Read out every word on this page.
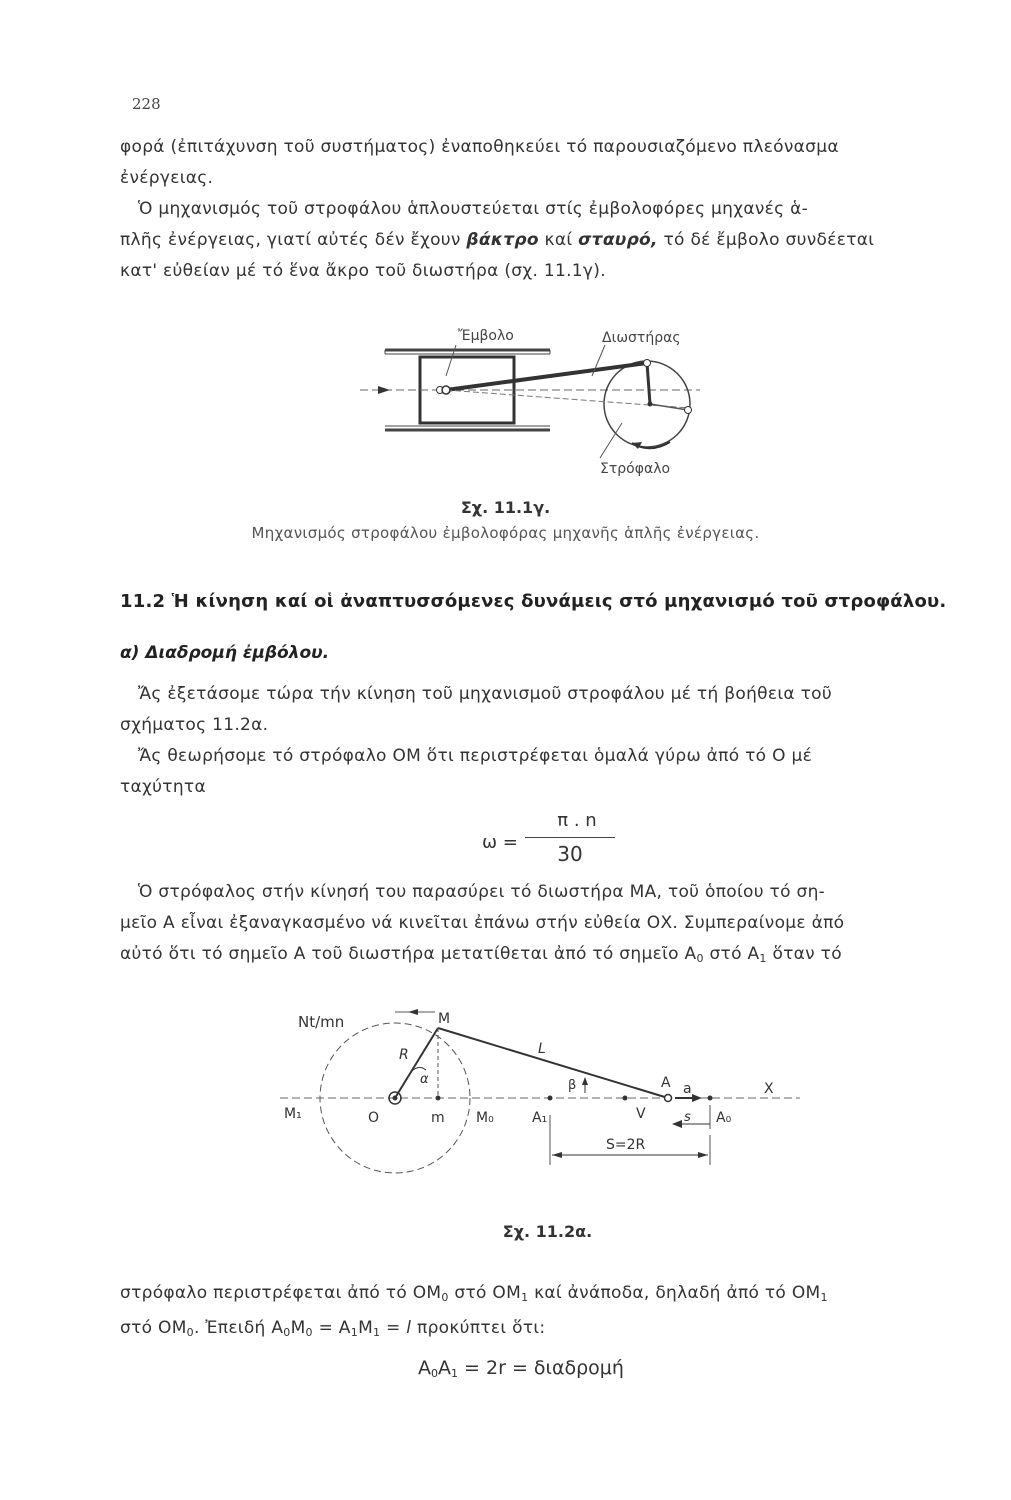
228

φορά (ἐπιτάχυνση τοῦ συστήματος) ἐναποθηκεύει τό παρουσιαζόμενο πλεόνασμα

ἐνέργειας.

Ὁ μηχανισμός τοῦ στροφάλου ἁπλουστεύεται στίς ἐμβολοφόρες μηχανές ἁ-

πλῆς ἐνέργειας, γιατί αὐτές δέν ἔχουν βάκτρο καί σταυρό, τό δέ ἔμβολο συνδέεται

κατ' εὐθείαν μέ τό ἕνα ἄκρο τοῦ διωστήρα (σχ. 11.1γ).

Ἔμβολο	Διωστήρας
Στρόφαλο
Σχ. 11.1γ.
Μηχανισμός στροφάλου ἐμβολοφόρας μηχανῆς ἁπλῆς ἐνέργειας.
11.2 Ἡ κίνηση καί οἱ ἀναπτυσσόμενες δυνάμεις στό μηχανισμό τοῦ στροφάλου.
α) Διαδρομή ἐμβόλου.

Ἄς ἐξετάσομε τώρα τήν κίνηση τοῦ μηχανισμοῦ στροφάλου μέ τή βοήθεια τοῦ

σχήματος 11.2α.

Ἄς θεωρήσομε τό στρόφαλο ΟΜ ὅτι περιστρέφεται ὁμαλά γύρω ἀπό τό Ο μέ

ταχύτητα

ω =
π . n
30

Ὁ στρόφαλος στήν κίνησή του παρασύρει τό διωστήρα ΜΑ, τοῦ ὁποίου τό ση-

μεῖο Α εἶναι ἐξαναγκασμένο νά κινεῖται ἐπάνω στήν εὐθεία ΟΧ. Συμπεραίνομε ἀπό

αὐτό ὅτι τό σημεῖο Α τοῦ διωστήρα μετατίθεται ἀπό τό σημεῖο $A_0$ στό $A_1$ ὅταν τό

Nt/mn	M
L
R
α	β	A a	X
M₁	O	m M₀	A₁	V	s A₀
S=2R
Σχ. 11.2α.

στρόφαλο περιστρέφεται ἀπό τό $OM_0$ στό $OM_1$ καί ἀνάποδα, δηλαδή ἀπό τό $OM_1$

στό $OM_0$. Ἐπειδή $A_0M_0 = A_1M_1 = l$ προκύπτει ὅτι:

$A_0A_1 = 2r = \delta\iota\alpha\delta\rho o\mu ή$
